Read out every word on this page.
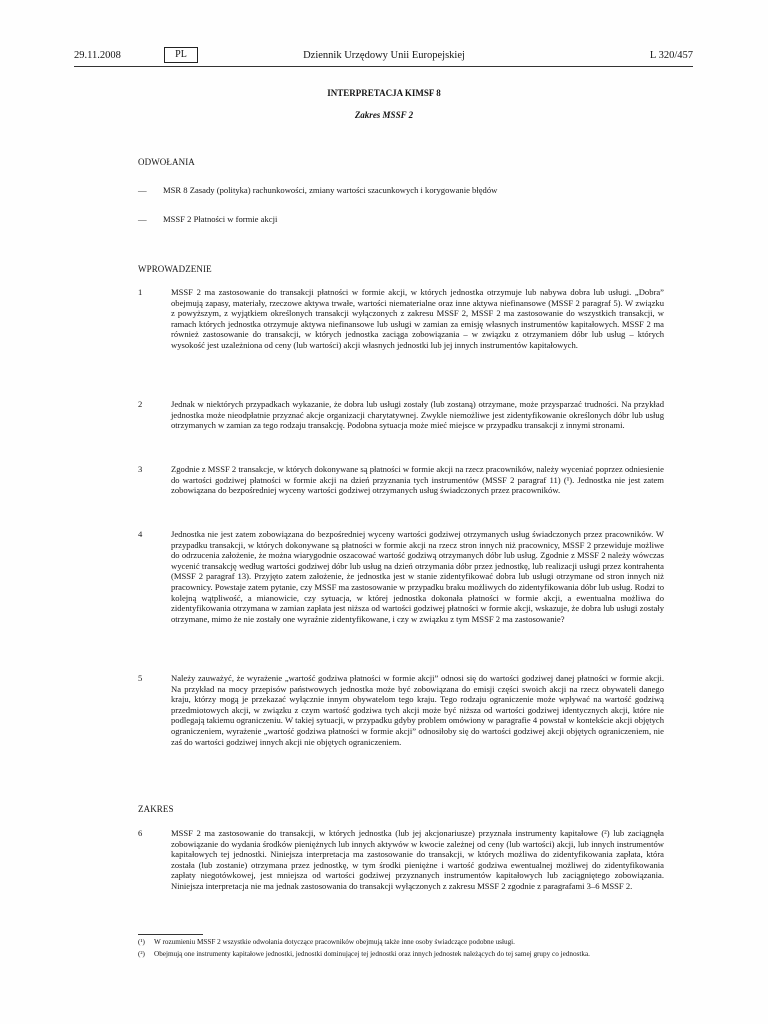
29.11.2008	PL	Dziennik Urzędowy Unii Europejskiej	L 320/457
INTERPRETACJA KIMSF 8
Zakres MSSF 2
ODWOŁANIA
— MSR 8 Zasady (polityka) rachunkowości, zmiany wartości szacunkowych i korygowanie błędów
— MSSF 2 Płatności w formie akcji
WPROWADZENIE
1	MSSF 2 ma zastosowanie do transakcji płatności w formie akcji, w których jednostka otrzymuje lub nabywa dobra lub usługi. „Dobra” obejmują zapasy, materiały, rzeczowe aktywa trwałe, wartości niematerialne oraz inne aktywa niefinansowe (MSSF 2 paragraf 5). W związku z powyższym, z wyjątkiem określonych transakcji wyłączonych z zakresu MSSF 2, MSSF 2 ma zastosowanie do wszystkich transakcji, w ramach których jednostka otrzymuje aktywa niefinansowe lub usługi w zamian za emisję własnych instrumentów kapitałowych. MSSF 2 ma również zastosowanie do transakcji, w których jednostka zaciąga zobowiązania – w związku z otrzymaniem dóbr lub usług – których wysokość jest uzależniona od ceny (lub wartości) akcji własnych jednostki lub jej innych instrumentów kapitałowych.
2	Jednak w niektórych przypadkach wykazanie, że dobra lub usługi zostały (lub zostaną) otrzymane, może przysparzać trudności. Na przykład jednostka może nieodpłatnie przyznać akcje organizacji charytatywnej. Zwykle niemożliwe jest zidentyfikowanie określonych dóbr lub usług otrzymanych w zamian za tego rodzaju transakcję. Podobna sytuacja może mieć miejsce w przypadku transakcji z innymi stronami.
3	Zgodnie z MSSF 2 transakcje, w których dokonywane są płatności w formie akcji na rzecz pracowników, należy wyceniać poprzez odniesienie do wartości godziwej płatności w formie akcji na dzień przyznania tych instrumentów (MSSF 2 paragraf 11) (¹). Jednostka nie jest zatem zobowiązana do bezpośredniej wyceny wartości godziwej otrzymanych usług świadczonych przez pracowników.
4	Jednostka nie jest zatem zobowiązana do bezpośredniej wyceny wartości godziwej otrzymanych usług świadczonych przez pracowników. W przypadku transakcji, w których dokonywane są płatności w formie akcji na rzecz stron innych niż pracownicy, MSSF 2 przewiduje możliwe do odrzucenia założenie, że można wiarygodnie oszacować wartość godziwą otrzymanych dóbr lub usług. Zgodnie z MSSF 2 należy wówczas wycenić transakcję według wartości godziwej dóbr lub usług na dzień otrzymania dóbr przez jednostkę, lub realizacji usługi przez kontrahenta (MSSF 2 paragraf 13). Przyjęto zatem założenie, że jednostka jest w stanie zidentyfikować dobra lub usługi otrzymane od stron innych niż pracownicy. Powstaje zatem pytanie, czy MSSF ma zastosowanie w przypadku braku możliwych do zidentyfikowania dóbr lub usług. Rodzi to kolejną wątpliwość, a mianowicie, czy sytuacja, w której jednostka dokonała płatności w formie akcji, a ewentualna możliwa do zidentyfikowania otrzymana w zamian zapłata jest niższa od wartości godziwej płatności w formie akcji, wskazuje, że dobra lub usługi zostały otrzymane, mimo że nie zostały one wyraźnie zidentyfikowane, i czy w związku z tym MSSF 2 ma zastosowanie?
5	Należy zauważyć, że wyrażenie „wartość godziwa płatności w formie akcji” odnosi się do wartości godziwej danej płatności w formie akcji. Na przykład na mocy przepisów państwowych jednostka może być zobowiązana do emisji części swoich akcji na rzecz obywateli danego kraju, którzy mogą je przekazać wyłącznie innym obywatelom tego kraju. Tego rodzaju ograniczenie może wpływać na wartość godziwą przedmiotowych akcji, w związku z czym wartość godziwa tych akcji może być niższa od wartości godziwej identycznych akcji, które nie podlegają takiemu ograniczeniu. W takiej sytuacji, w przypadku gdyby problem omówiony w paragrafie 4 powstał w kontekście akcji objętych ograniczeniem, wyrażenie „wartość godziwa płatności w formie akcji” odnosiłoby się do wartości godziwej akcji objętych ograniczeniem, nie zaś do wartości godziwej innych akcji nie objętych ograniczeniem.
ZAKRES
6	MSSF 2 ma zastosowanie do transakcji, w których jednostka (lub jej akcjonariusze) przyznała instrumenty kapitałowe (²) lub zaciągnęła zobowiązanie do wydania środków pieniężnych lub innych aktywów w kwocie zależnej od ceny (lub wartości) akcji, lub innych instrumentów kapitałowych tej jednostki. Niniejsza interpretacja ma zastosowanie do transakcji, w których możliwa do zidentyfikowania zapłata, która została (lub zostanie) otrzymana przez jednostkę, w tym środki pieniężne i wartość godziwa ewentualnej możliwej do zidentyfikowania zapłaty niegotówkowej, jest mniejsza od wartości godziwej przyznanych instrumentów kapitałowych lub zaciągniętego zobowiązania. Niniejsza interpretacja nie ma jednak zastosowania do transakcji wyłączonych z zakresu MSSF 2 zgodnie z paragrafami 3–6 MSSF 2.
(¹) W rozumieniu MSSF 2 wszystkie odwołania dotyczące pracowników obejmują także inne osoby świadczące podobne usługi.
(²) Obejmują one instrumenty kapitałowe jednostki, jednostki dominującej tej jednostki oraz innych jednostek należących do tej samej grupy co jednostka.
